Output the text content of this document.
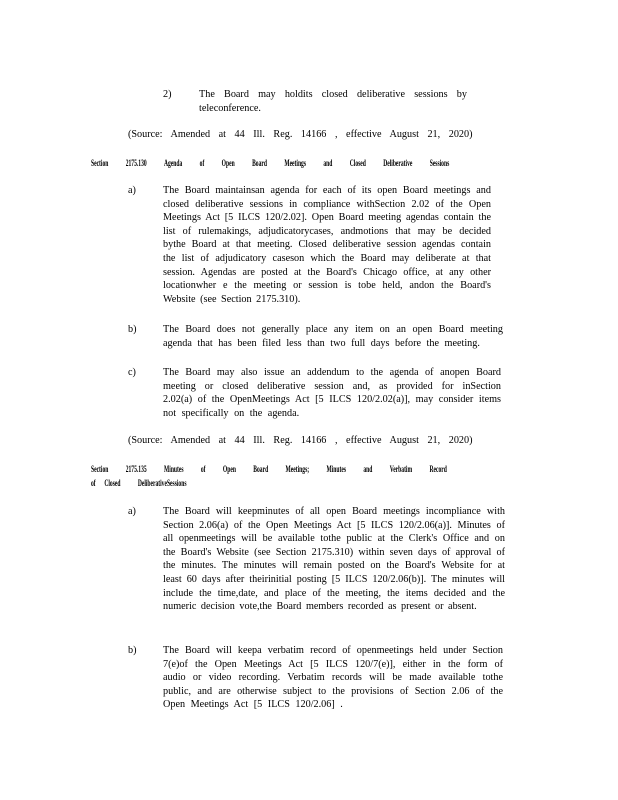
2)	The Board may holdits closed deliberative sessions by teleconference.
(Source: Amended at 44 Ill. Reg. 14166 , effective August 21, 2020)
Section 2175.130 Agenda of Open Board Meetings and Closed Deliberative Sessions
a)	The Board maintainsan agenda for each of its open Board meetings and closed deliberative sessions in compliance withSection 2.02 of the Open Meetings Act [5 ILCS 120/2.02]. Open Board meeting agendas contain the list of rulemakings, adjudicatorycases, andmotions that may be decided bythe Board at that meeting. Closed deliberative session agendas contain the list of adjudicatory caseson which the Board may deliberate at that session. Agendas are posted at the Board's Chicago office, at any other locationwher e the meeting or session is tobe held, andon the Board's Website (see Section 2175.310).
b)	The Board does not generally place any item on an open Board meeting agenda that has been filed less than two full days before the meeting.
c)	The Board may also issue an addendum to the agenda of anopen Board meeting or closed deliberative session and, as provided for inSection 2.02(a) of the OpenMeetings Act [5 ILCS 120/2.02(a)], may consider items not specifically on the agenda.
(Source: Amended at 44 Ill. Reg. 14166 , effective August 21, 2020)
Section 2175.135 Minutes of Open Board Meetings; Minutes and Verbatim Record
of Closed DeliberativeSessions
a)	The Board will keepminutes of all open Board meetings incompliance with Section 2.06(a) of the Open Meetings Act [5 ILCS 120/2.06(a)]. Minutes of all openmeetings will be available tothe public at the Clerk's Office and on the Board's Website (see Section 2175.310) within seven days of approval of the minutes. The minutes will remain posted on the Board's Website for at least 60 days after theirinitial posting [5 ILCS 120/2.06(b)]. The minutes will include the time,date, and place of the meeting, the items decided and the numeric decision vote,the Board members recorded as present or absent.
b)	The Board will keepa verbatim record of openmeetings held under Section 7(e)of the Open Meetings Act [5 ILCS 120/7(e)], either in the form of audio or video recording. Verbatim records will be made available tothe public, and are otherwise subject to the provisions of Section 2.06 of the Open Meetings Act [5 ILCS 120/2.06] .
